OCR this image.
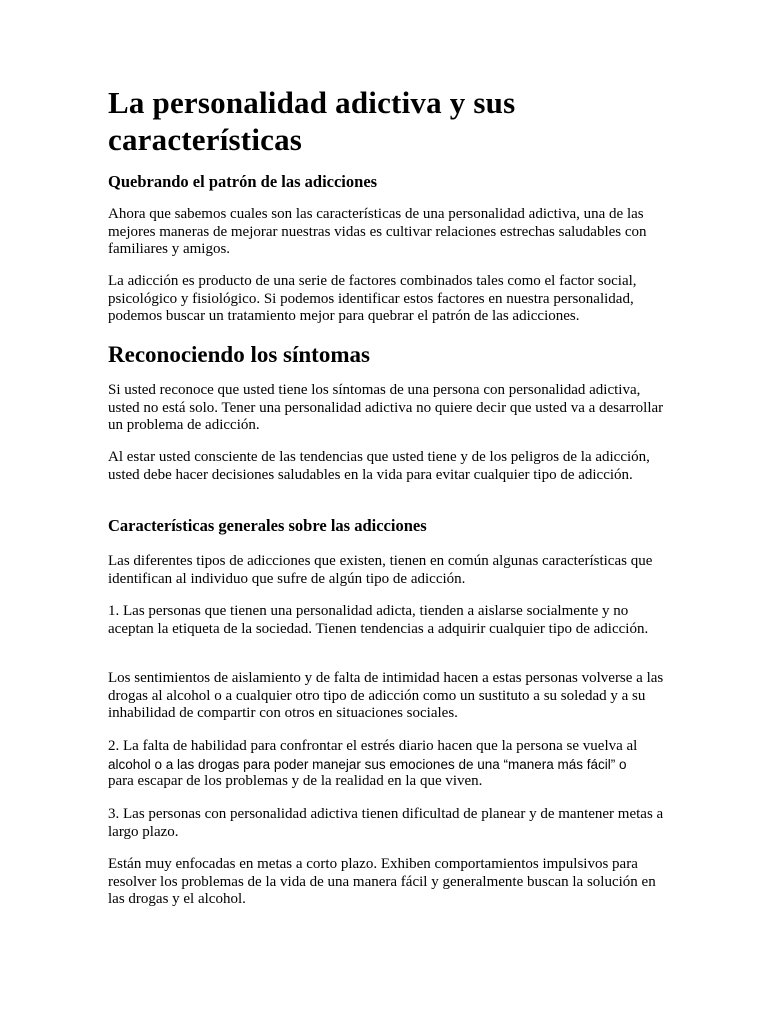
La personalidad adictiva y sus características
Quebrando el patrón de las adicciones

Ahora que sabemos cuales son las características de una personalidad adictiva, una de las mejores maneras de mejorar nuestras vidas es cultivar relaciones estrechas saludables con familiares y amigos.

La adicción es producto de una serie de factores combinados tales como el factor social, psicológico y fisiológico. Si podemos identificar estos factores en nuestra personalidad, podemos buscar un tratamiento mejor para quebrar el patrón de las adicciones.

Reconociendo los síntomas

Si usted reconoce que usted tiene los síntomas de una persona con personalidad adictiva, usted no está solo. Tener una personalidad adictiva no quiere decir que usted va a desarrollar un problema de adicción.

Al estar usted consciente de las tendencias que usted tiene y de los peligros de la adicción, usted debe hacer decisiones saludables en la vida para evitar cualquier tipo de adicción.

Características generales sobre las adicciones

Las diferentes tipos de adicciones que existen, tienen en común algunas características que identifican al individuo que sufre de algún tipo de adicción.

1. Las personas que tienen una personalidad adicta, tienden a aislarse socialmente y no aceptan la etiqueta de la sociedad. Tienen tendencias a adquirir cualquier tipo de adicción.

Los sentimientos de aislamiento y de falta de intimidad hacen a estas personas volverse a las drogas al alcohol o a cualquier otro tipo de adicción como un sustituto a su soledad y a su inhabilidad de compartir con otros en situaciones sociales.

2. La falta de habilidad para confrontar el estrés diario hacen que la persona se vuelva al

alcohol o a las drogas para poder manejar sus emociones de una “manera más fácil” o

para escapar de los problemas y de la realidad en la que viven.

3. Las personas con personalidad adictiva tienen dificultad de planear y de mantener metas a largo plazo.

Están muy enfocadas en metas a corto plazo. Exhiben comportamientos impulsivos para resolver los problemas de la vida de una manera fácil y generalmente buscan la solución en las drogas y el alcohol.
